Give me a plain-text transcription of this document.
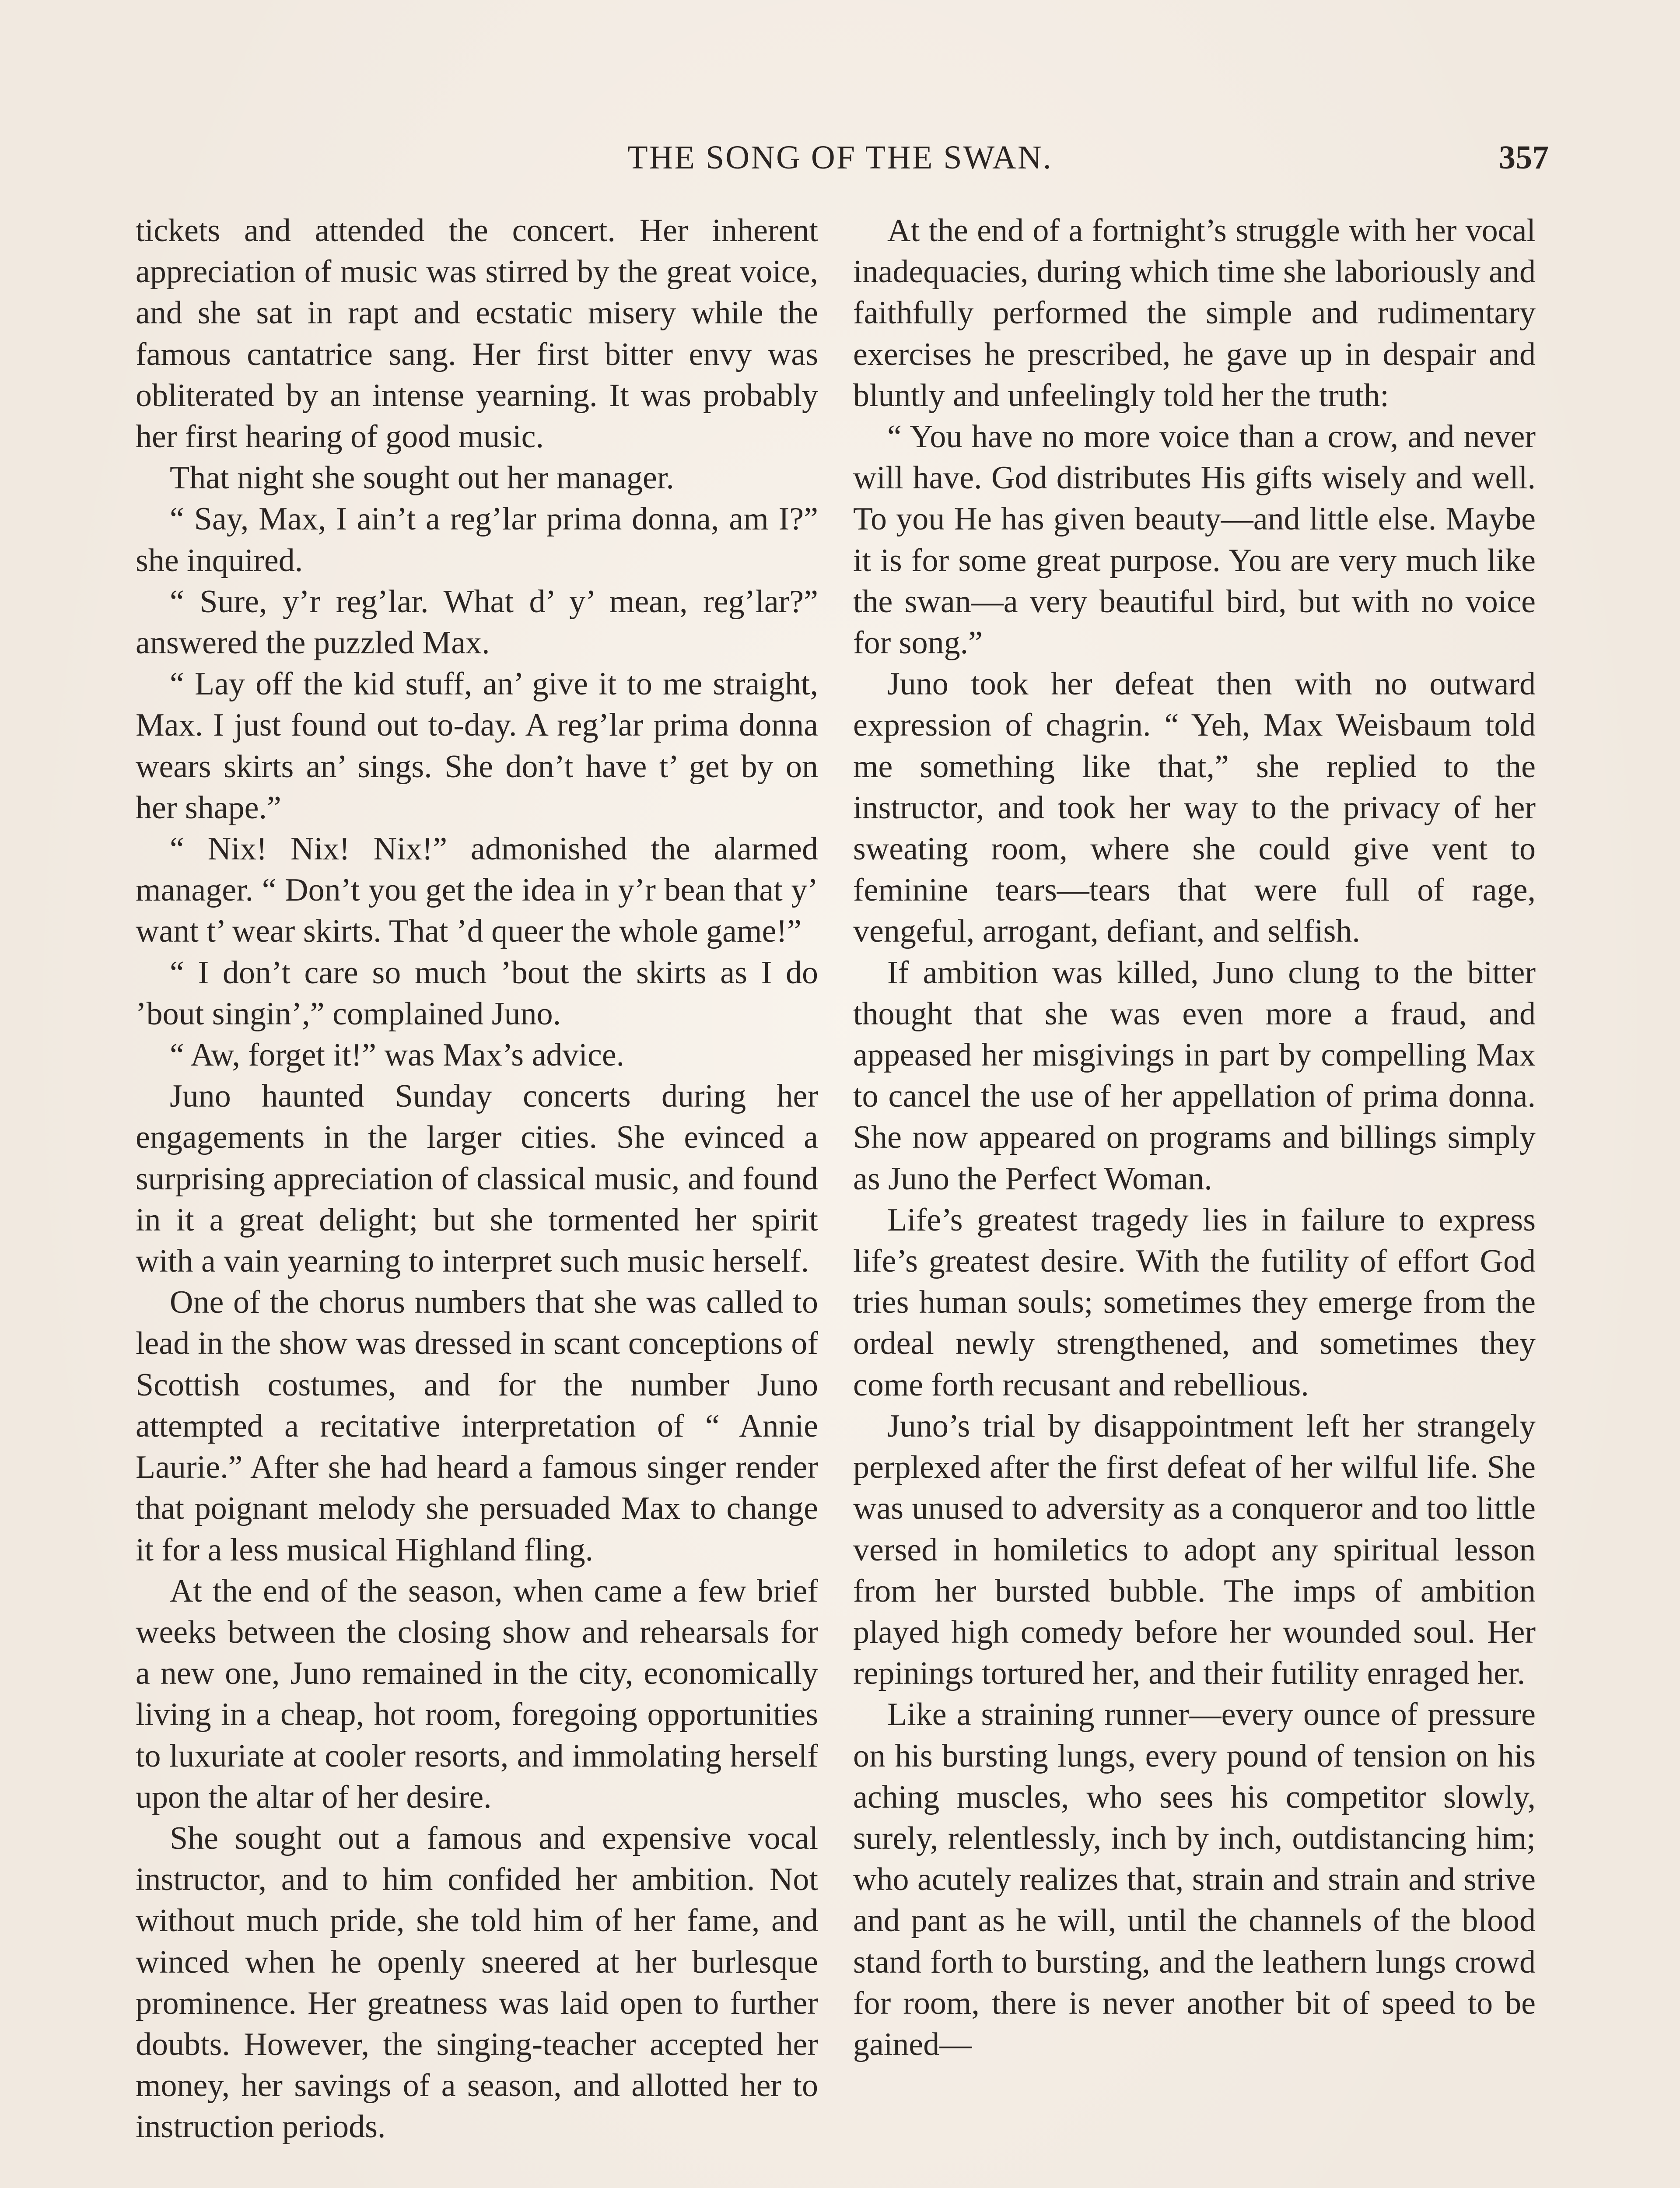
THE SONG OF THE SWAN.	357

tickets and attended the concert. Her inherent appreciation of music was stirred by the great voice, and she sat in rapt and ecstatic misery while the famous cantatrice sang. Her first bitter envy was obliterated by an intense yearning. It was probably her first hearing of good music.

That night she sought out her manager.

“ Say, Max, I ain’t a reg’lar prima donna, am I?” she inquired.

“ Sure, y’r reg’lar. What d’ y’ mean, reg’lar?” answered the puzzled Max.

“ Lay off the kid stuff, an’ give it to me straight, Max. I just found out to-day. A reg’lar prima donna wears skirts an’ sings. She don’t have t’ get by on her shape.”

“ Nix! Nix! Nix!” admonished the alarmed manager. “ Don’t you get the idea in y’r bean that y’ want t’ wear skirts. That ’d queer the whole game!”

“ I don’t care so much ’bout the skirts as I do ’bout singin’,” complained Juno.

“ Aw, forget it!” was Max’s advice.

Juno haunted Sunday concerts during her engagements in the larger cities. She evinced a surprising appreciation of classical music, and found in it a great delight; but she tormented her spirit with a vain yearning to interpret such music herself.

One of the chorus numbers that she was called to lead in the show was dressed in scant conceptions of Scottish costumes, and for the number Juno attempted a recitative interpretation of “ Annie Laurie.” After she had heard a famous singer render that poignant melody she persuaded Max to change it for a less musical Highland fling.

At the end of the season, when came a few brief weeks between the closing show and rehearsals for a new one, Juno remained in the city, economically living in a cheap, hot room, foregoing opportunities to luxuriate at cooler resorts, and immolating herself upon the altar of her desire.

She sought out a famous and expensive vocal instructor, and to him confided her ambition. Not without much pride, she told him of her fame, and winced when he openly sneered at her burlesque prominence. Her greatness was laid open to further doubts. However, the singing-teacher accepted her money, her savings of a season, and allotted her to instruction periods.

At the end of a fortnight’s struggle with her vocal inadequacies, during which time she laboriously and faithfully performed the simple and rudimentary exercises he prescribed, he gave up in despair and bluntly and unfeelingly told her the truth:

“ You have no more voice than a crow, and never will have. God distributes His gifts wisely and well. To you He has given beauty—and little else. Maybe it is for some great purpose. You are very much like the swan—a very beautiful bird, but with no voice for song.”

Juno took her defeat then with no outward expression of chagrin. “ Yeh, Max Weisbaum told me something like that,” she replied to the instructor, and took her way to the privacy of her sweating room, where she could give vent to feminine tears—tears that were full of rage, vengeful, arrogant, defiant, and selfish.

If ambition was killed, Juno clung to the bitter thought that she was even more a fraud, and appeased her misgivings in part by compelling Max to cancel the use of her appellation of prima donna. She now appeared on programs and billings simply as Juno the Perfect Woman.

Life’s greatest tragedy lies in failure to express life’s greatest desire. With the futility of effort God tries human souls; sometimes they emerge from the ordeal newly strengthened, and sometimes they come forth recusant and rebellious.

Juno’s trial by disappointment left her strangely perplexed after the first defeat of her wilful life. She was unused to adversity as a conqueror and too little versed in homiletics to adopt any spiritual lesson from her bursted bubble. The imps of ambition played high comedy before her wounded soul. Her repinings tortured her, and their futility enraged her.

Like a straining runner—every ounce of pressure on his bursting lungs, every pound of tension on his aching muscles, who sees his competitor slowly, surely, relentlessly, inch by inch, outdistancing him; who acutely realizes that, strain and strain and strive and pant as he will, until the channels of the blood stand forth to bursting, and the leathern lungs crowd for room, there is never another bit of speed to be gained—
